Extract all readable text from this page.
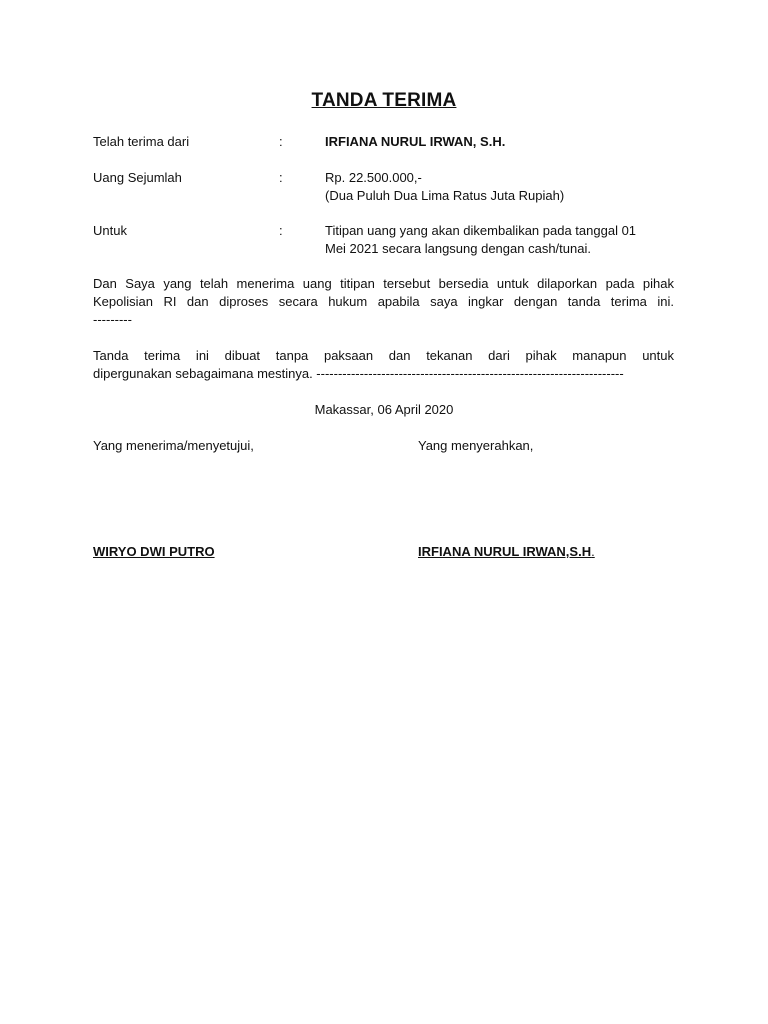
TANDA TERIMA
Telah terima dari	:	IRFIANA NURUL IRWAN, S.H.
Uang Sejumlah	:	Rp. 22.500.000,-
(Dua Puluh Dua Lima Ratus Juta Rupiah)
Untuk	:	Titipan uang yang akan dikembalikan pada tanggal 01
Mei 2021 secara langsung dengan cash/tunai.
Dan Saya yang telah menerima uang titipan tersebut bersedia untuk dilaporkan pada pihak
Kepolisian RI dan diproses secara hukum apabila saya ingkar dengan tanda terima ini.
---------
Tanda terima ini dibuat tanpa paksaan dan tekanan dari pihak manapun untuk
dipergunakan sebagaimana mestinya. -----------------------------------------------------------------------
Makassar, 06 April 2020
Yang menerima/menyetujui,	Yang menyerahkan,
WIRYO DWI PUTRO	IRFIANA NURUL IRWAN,S.H.
